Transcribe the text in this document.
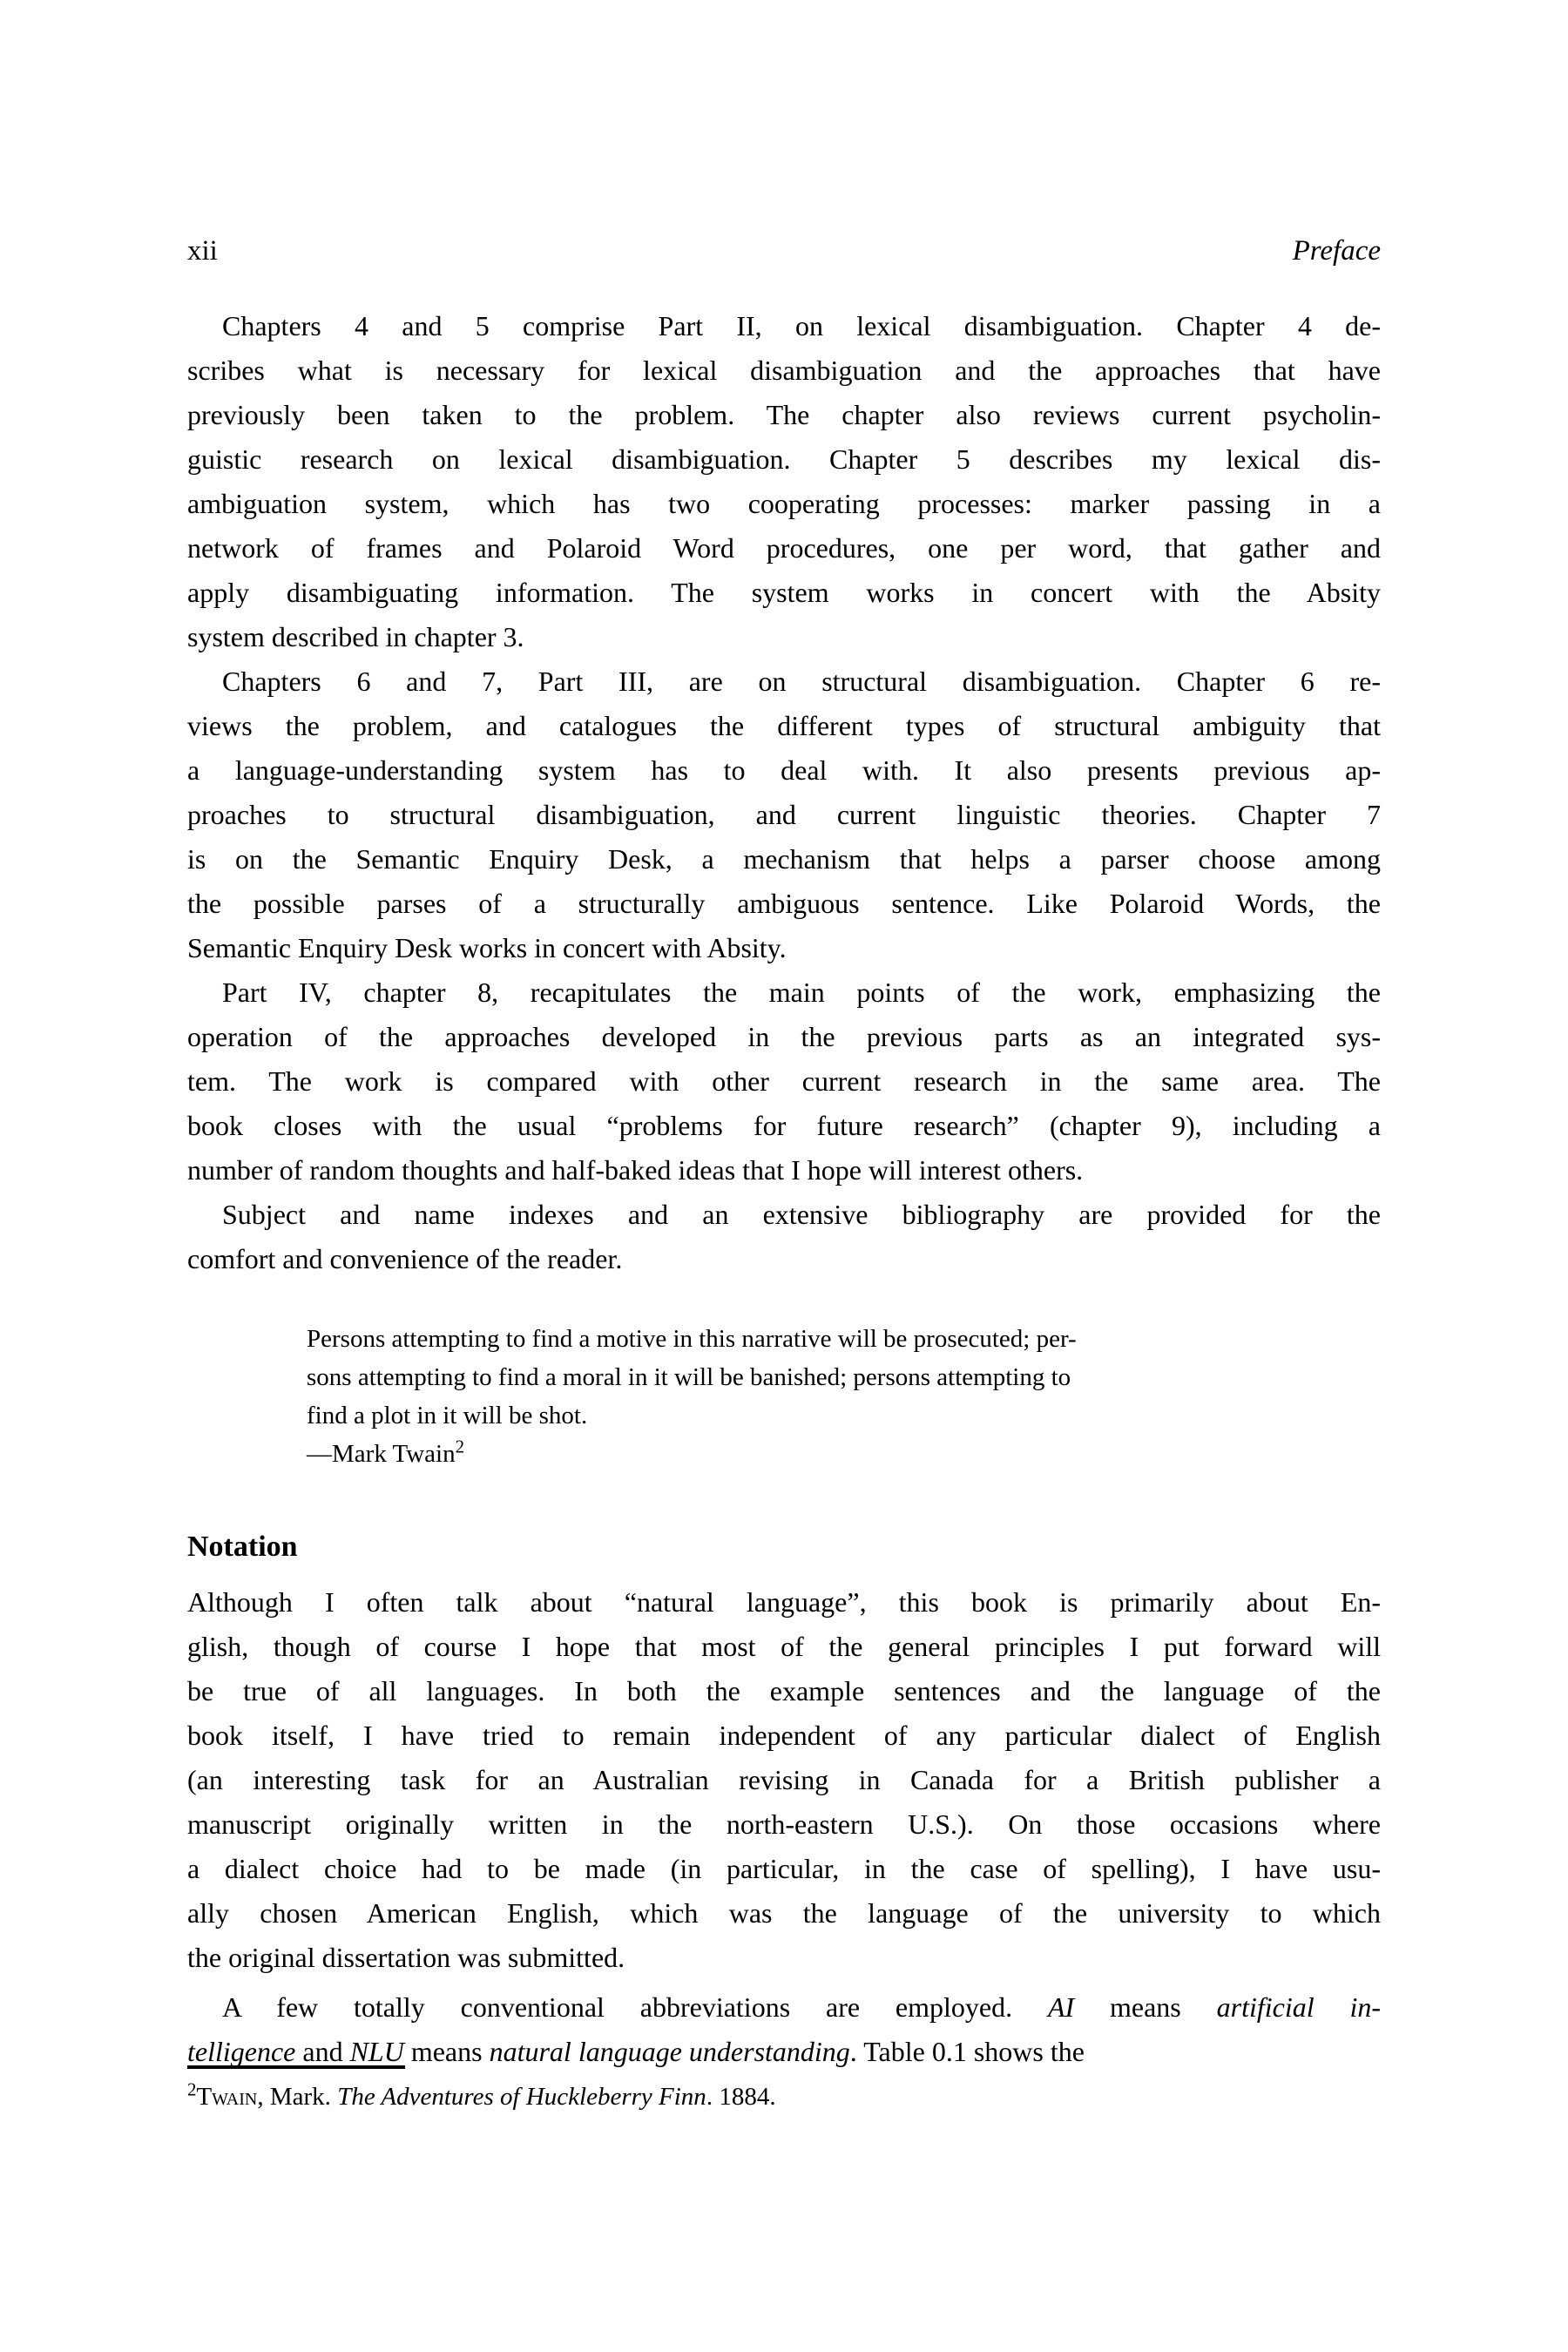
xii	Preface
Chapters 4 and 5 comprise Part II, on lexical disambiguation. Chapter 4 de-
scribes what is necessary for lexical disambiguation and the approaches that have
previously been taken to the problem. The chapter also reviews current psycholin-
guistic research on lexical disambiguation. Chapter 5 describes my lexical dis-
ambiguation system, which has two cooperating processes: marker passing in a
network of frames and Polaroid Word procedures, one per word, that gather and
apply disambiguating information. The system works in concert with the Absity
system described in chapter 3.
Chapters 6 and 7, Part III, are on structural disambiguation. Chapter 6 re-
views the problem, and catalogues the different types of structural ambiguity that
a language-understanding system has to deal with. It also presents previous ap-
proaches to structural disambiguation, and current linguistic theories. Chapter 7
is on the Semantic Enquiry Desk, a mechanism that helps a parser choose among
the possible parses of a structurally ambiguous sentence. Like Polaroid Words, the
Semantic Enquiry Desk works in concert with Absity.
Part IV, chapter 8, recapitulates the main points of the work, emphasizing the
operation of the approaches developed in the previous parts as an integrated sys-
tem. The work is compared with other current research in the same area. The
book closes with the usual “problems for future research” (chapter 9), including a
number of random thoughts and half-baked ideas that I hope will interest others.
Subject and name indexes and an extensive bibliography are provided for the
comfort and convenience of the reader.
Persons attempting to find a motive in this narrative will be prosecuted; per-
sons attempting to find a moral in it will be banished; persons attempting to
find a plot in it will be shot.
—Mark Twain$^2$
Notation
Although I often talk about “natural language”, this book is primarily about En-
glish, though of course I hope that most of the general principles I put forward will
be true of all languages. In both the example sentences and the language of the
book itself, I have tried to remain independent of any particular dialect of English
(an interesting task for an Australian revising in Canada for a British publisher a
manuscript originally written in the north-eastern U.S.). On those occasions where
a dialect choice had to be made (in particular, in the case of spelling), I have usu-
ally chosen American English, which was the language of the university to which
the original dissertation was submitted.
A few totally conventional abbreviations are employed. AI means artificial in-
telligence and NLU means natural language understanding. Table 0.1 shows the
$^2$Twain, Mark. The Adventures of Huckleberry Finn. 1884.
